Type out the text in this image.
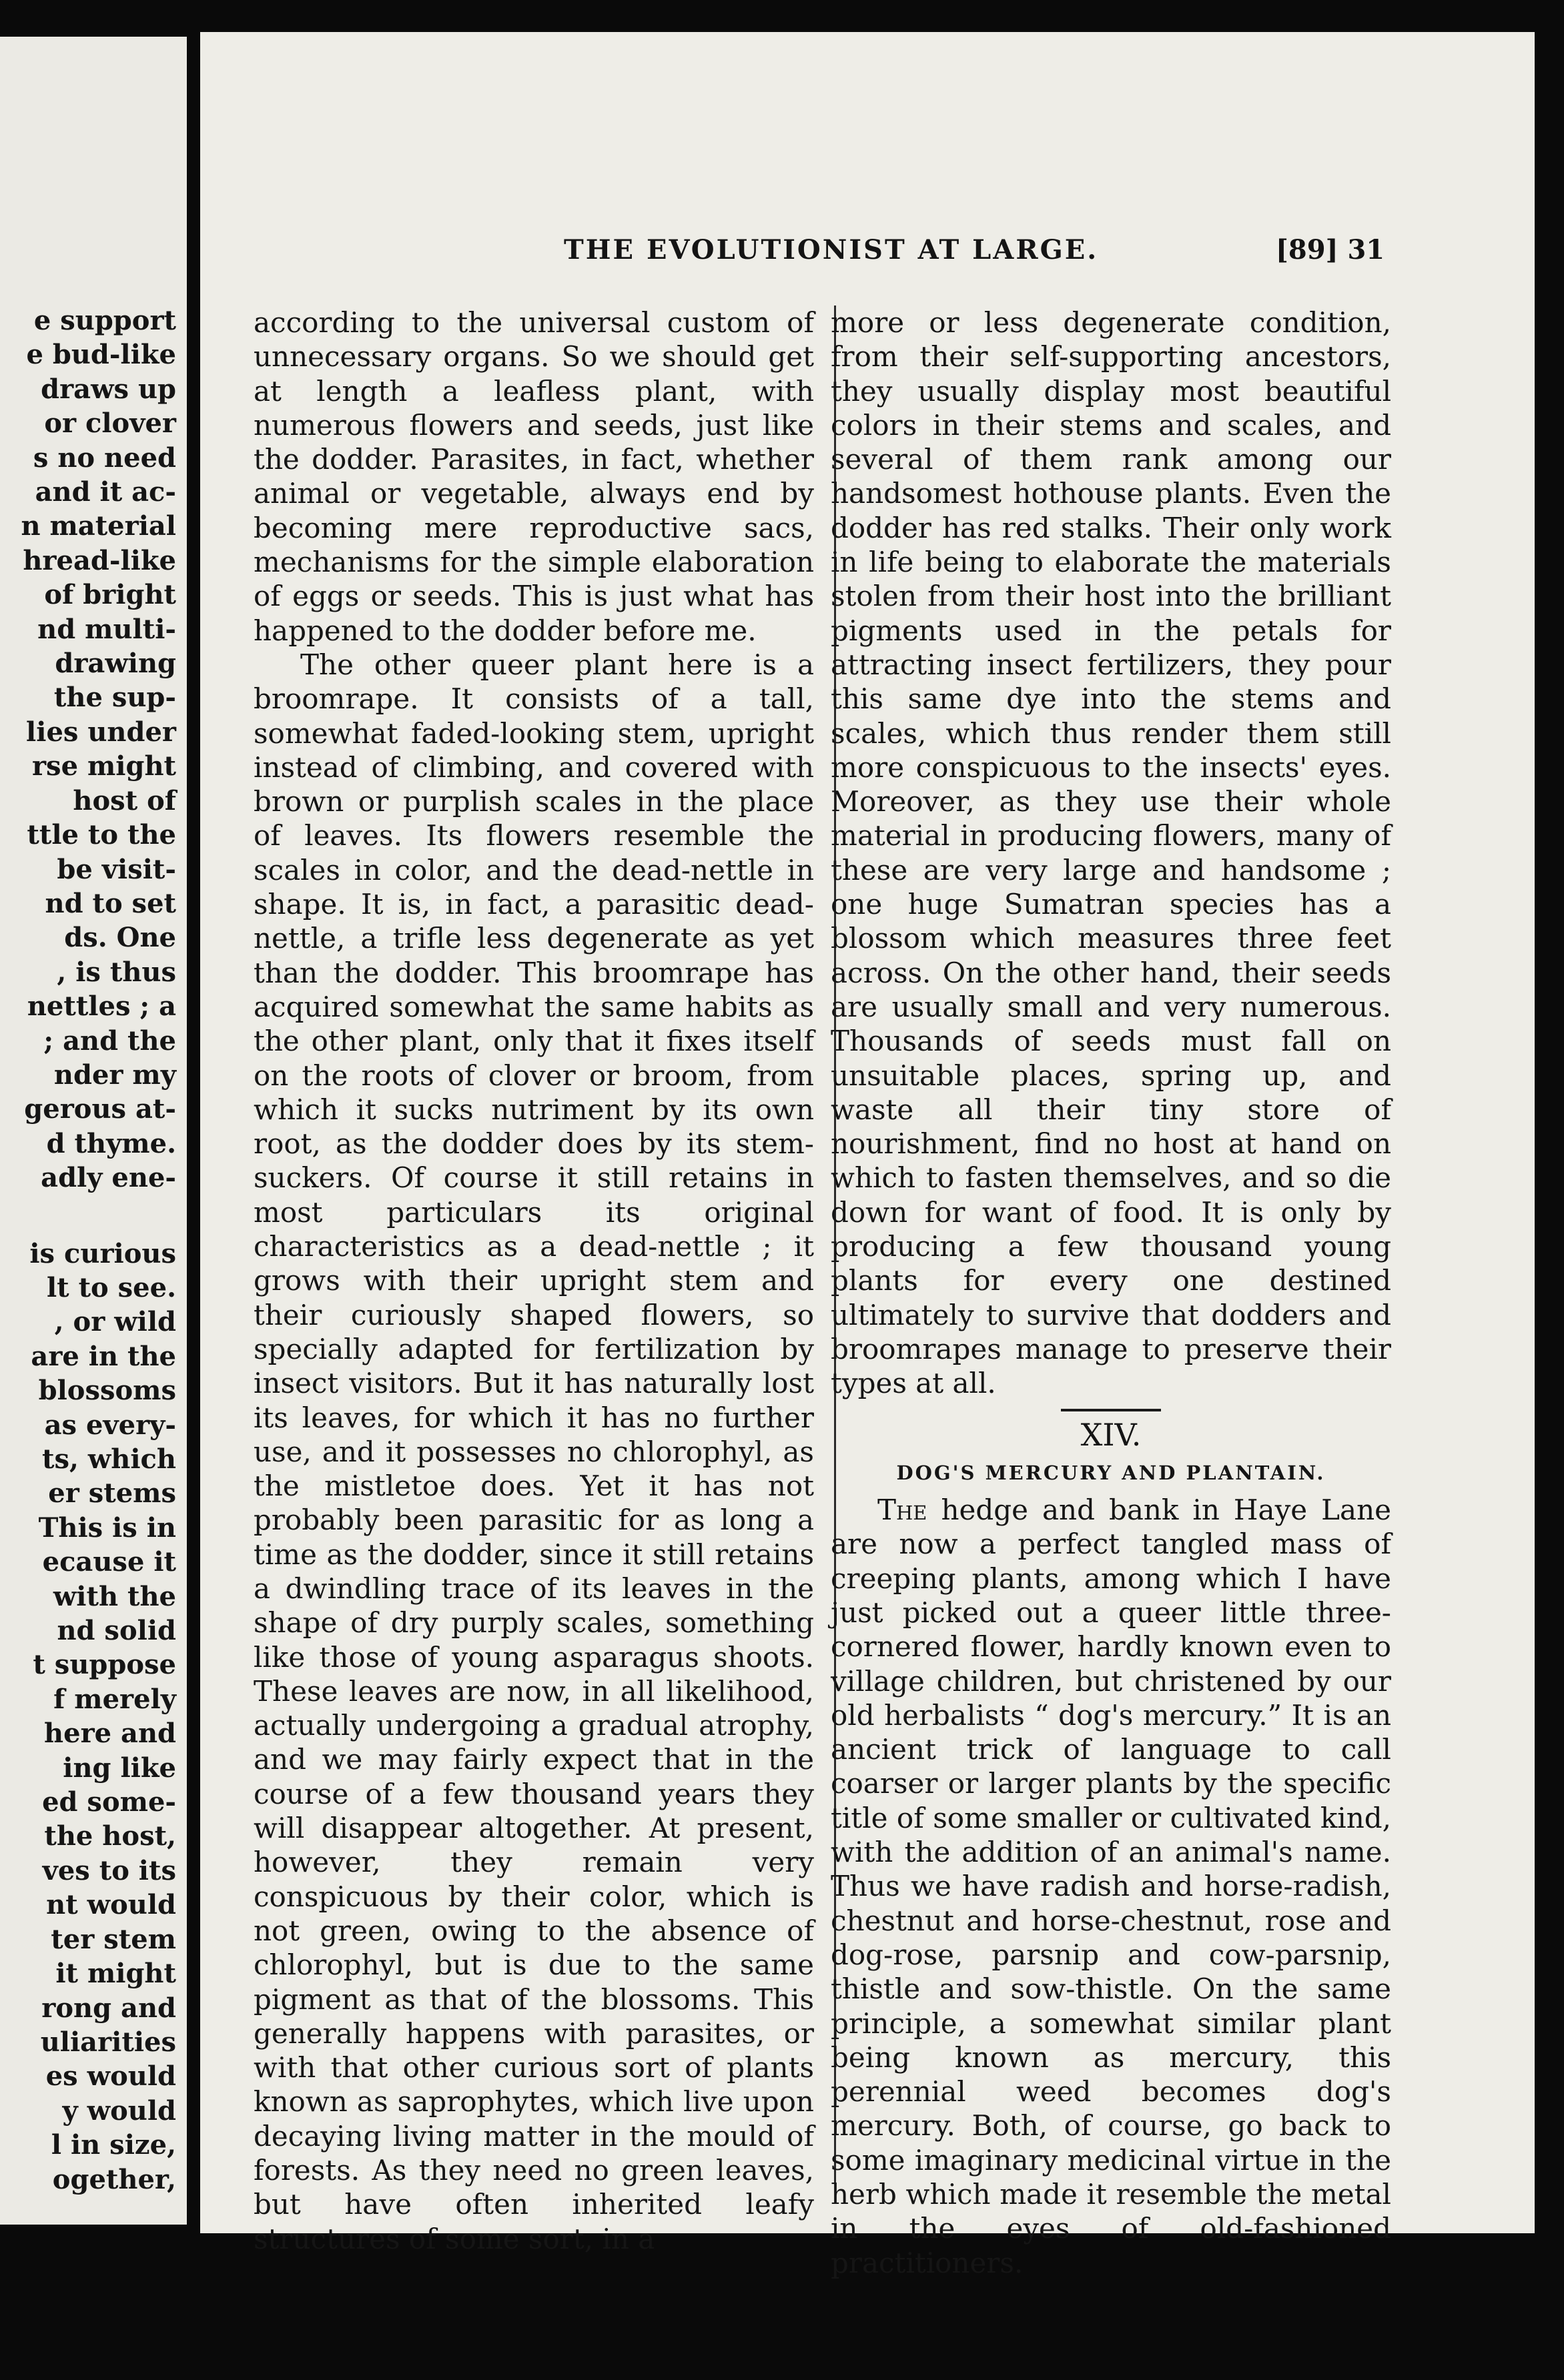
e support
e bud-like
draws up
or clover
s no need
and it ac-
n material
hread-like
of bright
nd multi-
drawing
the sup-
lies under
rse might
host of
ttle to the
be visit-
nd to set
ds. One
, is thus
nettles ; a
; and the
nder my
gerous at-
d thyme.
adly ene-
is curious
lt to see.
, or wild
are in the
blossoms
as every-
ts, which
er stems
This is in
ecause it
with the
nd solid
t suppose
f merely
here and
ing like
ed some-
the host,
ves to its
nt would
ter stem
it might
rong and
uliarities
es would
y would
l in size,
ogether,
THE EVOLUTIONIST AT LARGE.	[89] 31

according to the universal custom of unnecessary organs. So we should get at length a leafless plant, with numerous flowers and seeds, just like the dodder. Parasites, in fact, whether animal or vegetable, always end by becoming mere reproductive sacs, mechanisms for the simple elaboration of eggs or seeds. This is just what has happened to the dodder before me.

The other queer plant here is a broomrape. It consists of a tall, somewhat faded-looking stem, upright instead of climbing, and covered with brown or purplish scales in the place of leaves. Its flowers resemble the scales in color, and the dead-nettle in shape. It is, in fact, a parasitic dead-nettle, a trifle less degenerate as yet than the dodder. This broomrape has acquired somewhat the same habits as the other plant, only that it fixes itself on the roots of clover or broom, from which it sucks nutriment by its own root, as the dodder does by its stem-suckers. Of course it still retains in most particulars its original characteristics as a dead-nettle ; it grows with their upright stem and their curiously shaped flowers, so specially adapted for fertilization by insect visitors. But it has naturally lost its leaves, for which it has no further use, and it possesses no chlorophyl, as the mistletoe does. Yet it has not probably been parasitic for as long a time as the dodder, since it still retains a dwindling trace of its leaves in the shape of dry purply scales, something like those of young asparagus shoots. These leaves are now, in all likelihood, actually undergoing a gradual atrophy, and we may fairly expect that in the course of a few thousand years they will disappear altogether. At present, however, they remain very conspicuous by their color, which is not green, owing to the absence of chlorophyl, but is due to the same pigment as that of the blossoms. This generally happens with parasites, or with that other curious sort of plants known as saprophytes, which live upon decaying living matter in the mould of forests. As they need no green leaves, but have often inherited leafy structures of some sort, in a

more or less degenerate condition, from their self-supporting ancestors, they usually display most beautiful colors in their stems and scales, and several of them rank among our handsomest hothouse plants. Even the dodder has red stalks. Their only work in life being to elaborate the materials stolen from their host into the brilliant pigments used in the petals for attracting insect fertilizers, they pour this same dye into the stems and scales, which thus render them still more conspicuous to the insects' eyes. Moreover, as they use their whole material in producing flowers, many of these are very large and handsome ; one huge Sumatran species has a blossom which measures three feet across. On the other hand, their seeds are usually small and very numerous. Thousands of seeds must fall on unsuitable places, spring up, and waste all their tiny store of nourishment, find no host at hand on which to fasten themselves, and so die down for want of food. It is only by producing a few thousand young plants for every one destined ultimately to survive that dodders and broomrapes manage to preserve their types at all.

XIV.
DOG'S MERCURY AND PLANTAIN.

The hedge and bank in Haye Lane are now a perfect tangled mass of creeping plants, among which I have just picked out a queer little three-cornered flower, hardly known even to village children, but christened by our old herbalists “ dog's mercury.” It is an ancient trick of language to call coarser or larger plants by the specific title of some smaller or cultivated kind, with the addition of an animal's name. Thus we have radish and horse-radish, chestnut and horse-chestnut, rose and dog-rose, parsnip and cow-parsnip, thistle and sow-thistle. On the same principle, a somewhat similar plant being known as mercury, this perennial weed becomes dog's mercury. Both, of course, go back to some imaginary medicinal virtue in the herb which made it resemble the metal in the eyes of old-fashioned practitioners.
